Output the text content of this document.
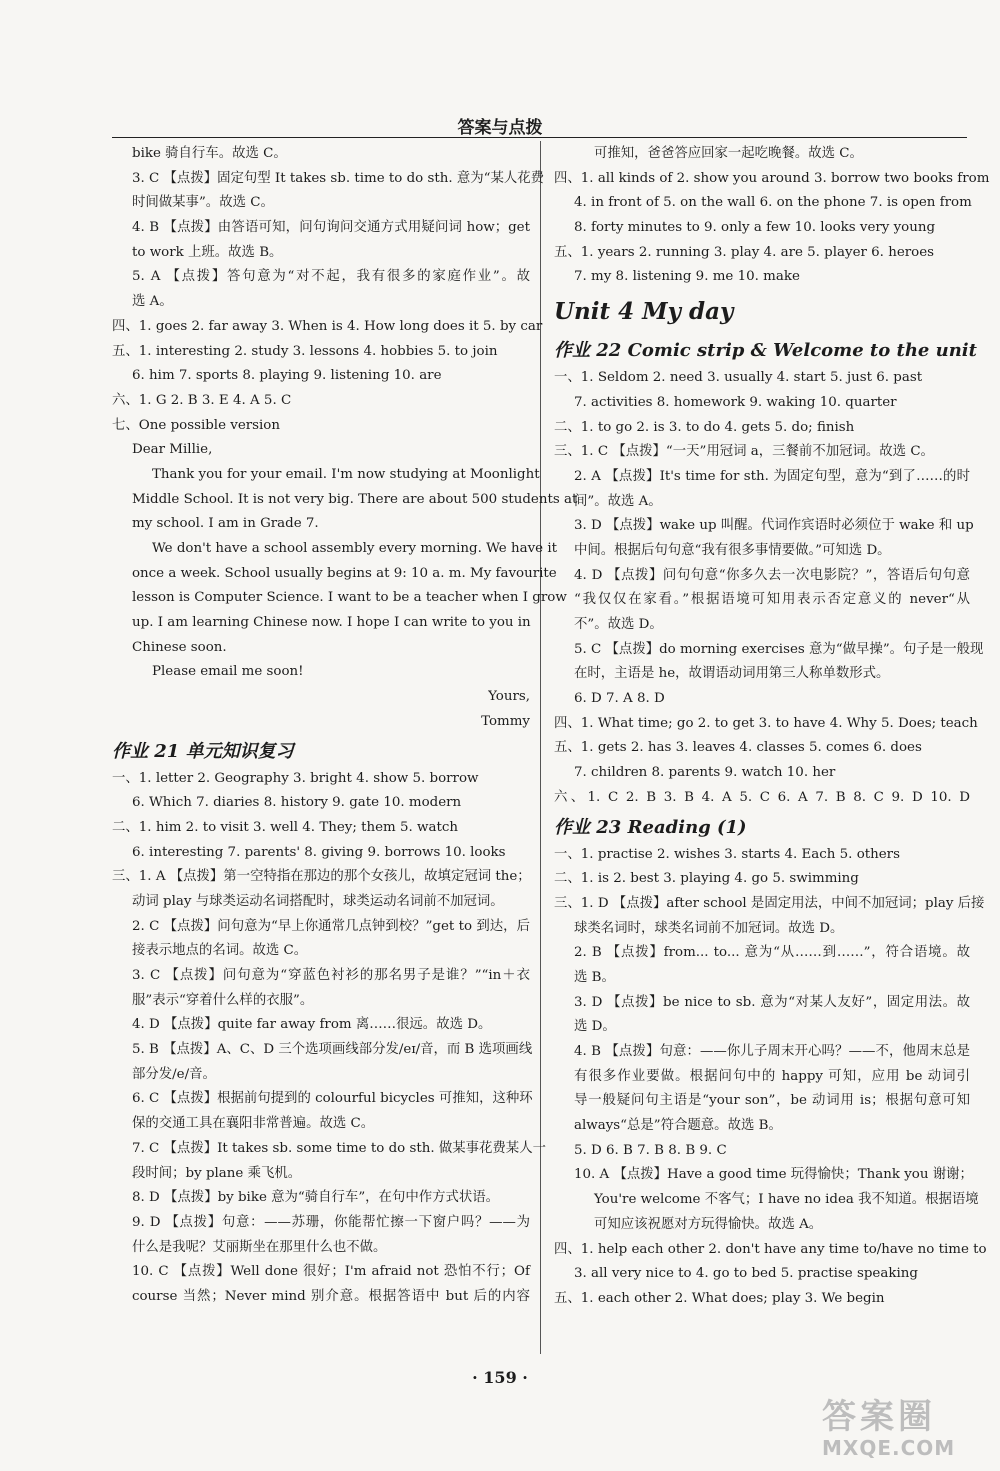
答案与点拨
bike 骑自行车。故选 C。
3. C 【点拨】固定句型 It takes sb. time to do sth. 意为“某人花费
时间做某事”。故选 C。
4. B 【点拨】由答语可知，问句询问交通方式用疑问词 how；get
to work 上班。故选 B。
5. A 【点拨】答句意为“对不起，我有很多的家庭作业”。故
选 A。
四、1. goes 2. far away 3. When is 4. How long does it 5. by car
五、1. interesting 2. study 3. lessons 4. hobbies 5. to join
6. him 7. sports 8. playing 9. listening 10. are
六、1. G 2. B 3. E 4. A 5. C
七、One possible version
Dear Millie,
Thank you for your email. I'm now studying at Moonlight
Middle School. It is not very big. There are about 500 students at
my school. I am in Grade 7.
We don't have a school assembly every morning. We have it
once a week. School usually begins at 9: 10 a. m. My favourite
lesson is Computer Science. I want to be a teacher when I grow
up. I am learning Chinese now. I hope I can write to you in
Chinese soon.
Please email me soon!
Yours,
Tommy
作业 21 单元知识复习
一、1. letter 2. Geography 3. bright 4. show 5. borrow
6. Which 7. diaries 8. history 9. gate 10. modern
二、1. him 2. to visit 3. well 4. They; them 5. watch
6. interesting 7. parents' 8. giving 9. borrows 10. looks
三、1. A 【点拨】第一空特指在那边的那个女孩儿，故填定冠词 the；
动词 play 与球类运动名词搭配时，球类运动名词前不加冠词。
2. C 【点拨】问句意为“早上你通常几点钟到校？”get to 到达，后
接表示地点的名词。故选 C。
3. C 【点拨】问句意为“穿蓝色衬衫的那名男子是谁？”“in＋衣
服”表示“穿着什么样的衣服”。
4. D 【点拨】quite far away from 离……很远。故选 D。
5. B 【点拨】A、C、D 三个选项画线部分发/eɪ/音，而 B 选项画线
部分发/e/音。
6. C 【点拨】根据前句提到的 colourful bicycles 可推知，这种环
保的交通工具在襄阳非常普遍。故选 C。
7. C 【点拨】It takes sb. some time to do sth. 做某事花费某人一
段时间；by plane 乘飞机。
8. D 【点拨】by bike 意为“骑自行车”，在句中作方式状语。
9. D 【点拨】句意：——苏珊，你能帮忙擦一下窗户吗？——为
什么是我呢？艾丽斯坐在那里什么也不做。
10. C 【点拨】Well done 很好；I'm afraid not 恐怕不行；Of
course 当然；Never mind 别介意。根据答语中 but 后的内容
可推知，爸爸答应回家一起吃晚餐。故选 C。
四、1. all kinds of 2. show you around 3. borrow two books from
4. in front of 5. on the wall 6. on the phone 7. is open from
8. forty minutes to 9. only a few 10. looks very young
五、1. years 2. running 3. play 4. are 5. player 6. heroes
7. my 8. listening 9. me 10. make
Unit 4 My day
作业 22 Comic strip & Welcome to the unit
一、1. Seldom 2. need 3. usually 4. start 5. just 6. past
7. activities 8. homework 9. waking 10. quarter
二、1. to go 2. is 3. to do 4. gets 5. do; finish
三、1. C 【点拨】“一天”用冠词 a，三餐前不加冠词。故选 C。
2. A 【点拨】It's time for sth. 为固定句型，意为“到了……的时
间”。故选 A。
3. D 【点拨】wake up 叫醒。代词作宾语时必须位于 wake 和 up
中间。根据后句句意“我有很多事情要做。”可知选 D。
4. D 【点拨】问句句意“你多久去一次电影院？”，答语后句句意
“我仅仅在家看。”根据语境可知用表示否定意义的 never“从
不”。故选 D。
5. C 【点拨】do morning exercises 意为“做早操”。句子是一般现
在时，主语是 he，故谓语动词用第三人称单数形式。
6. D 7. A 8. D
四、1. What time; go 2. to get 3. to have 4. Why 5. Does; teach
五、1. gets 2. has 3. leaves 4. classes 5. comes 6. does
7. children 8. parents 9. watch 10. her
六、1. C 2. B 3. B 4. A 5. C 6. A 7. B 8. C 9. D 10. D
作业 23 Reading (1)
一、1. practise 2. wishes 3. starts 4. Each 5. others
二、1. is 2. best 3. playing 4. go 5. swimming
三、1. D 【点拨】after school 是固定用法，中间不加冠词；play 后接
球类名词时，球类名词前不加冠词。故选 D。
2. B 【点拨】from... to... 意为“从……到……”，符合语境。故
选 B。
3. D 【点拨】be nice to sb. 意为“对某人友好”，固定用法。故
选 D。
4. B 【点拨】句意：——你儿子周末开心吗？——不，他周末总是
有很多作业要做。根据问句中的 happy 可知，应用 be 动词引
导一般疑问句主语是“your son”，be 动词用 is；根据句意可知
always“总是”符合题意。故选 B。
5. D 6. B 7. B 8. B 9. C
10. A 【点拨】Have a good time 玩得愉快；Thank you 谢谢；
You're welcome 不客气；I have no idea 我不知道。根据语境
可知应该祝愿对方玩得愉快。故选 A。
四、1. help each other 2. don't have any time to/have no time to
3. all very nice to 4. go to bed 5. practise speaking
五、1. each other 2. What does; play 3. We begin
· 159 ·
答案圈
MXQE.COM
